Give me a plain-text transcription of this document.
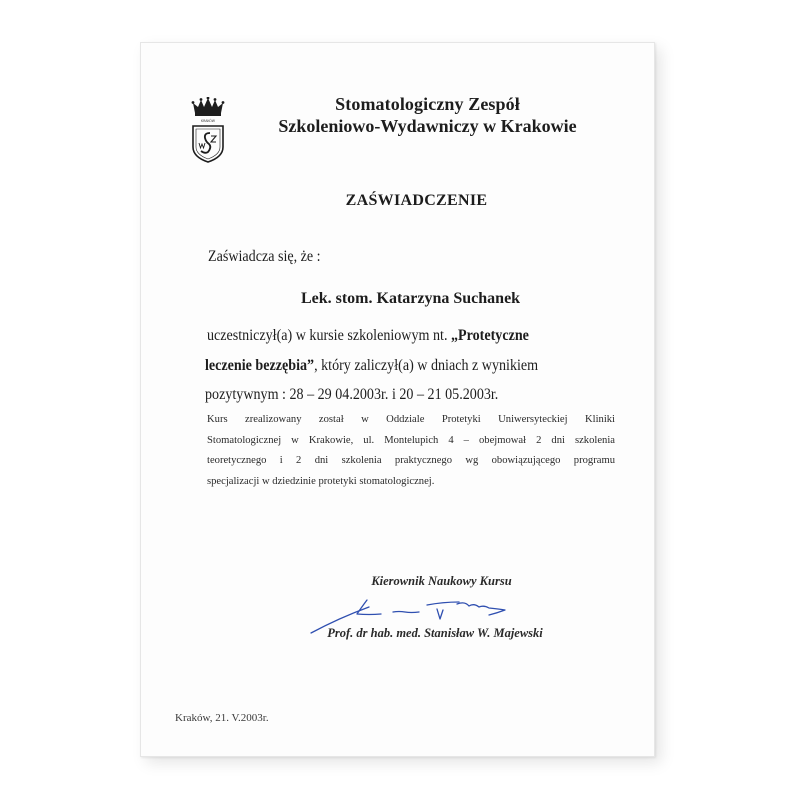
KRAKÓW
Stomatologiczny Zespół
Szkoleniowo-Wydawniczy w Krakowie
ZAŚWIADCZENIE
Zaświadcza się, że :
Lek. stom. Katarzyna Suchanek
uczestniczył(a) w kursie szkoleniowym nt. „Protetyczne
leczenie bezzębia”, który zaliczył(a) w dniach z wynikiem
pozytywnym : 28 – 29 04.2003r. i 20 – 21 05.2003r.
Kurs zrealizowany został w Oddziale Protetyki Uniwersyteckiej Kliniki
Stomatologicznej w Krakowie, ul. Montelupich 4 – obejmował 2 dni szkolenia
teoretycznego i 2 dni szkolenia praktycznego wg obowiązującego programu
specjalizacji w dziedzinie protetyki stomatologicznej.
Kierownik Naukowy Kursu
Prof. dr hab. med. Stanisław W. Majewski
Kraków, 21. V.2003r.
